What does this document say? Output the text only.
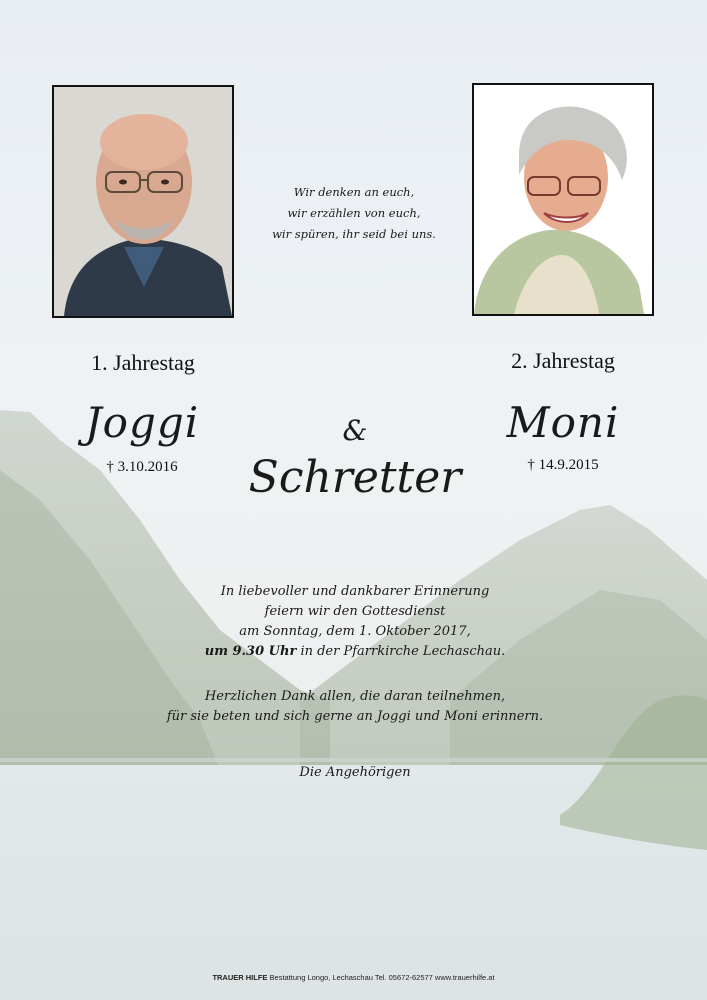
Wir denken an euch,
wir erzählen von euch,
wir spüren, ihr seid bei uns.
1. Jahrestag	2. Jahrestag
Joggi	Moni
&
Schretter
† 3.10.2016	† 14.9.2015
In liebevoller und dankbarer Erinnerung
feiern wir den Gottesdienst
am Sonntag, dem 1. Oktober 2017,
um 9.30 Uhr in der Pfarrkirche Lechaschau.
Herzlichen Dank allen, die daran teilnehmen,
für sie beten und sich gerne an Joggi und Moni erinnern.
Die Angehörigen
TRAUER HILFE Bestattung Longo, Lechaschau Tel. 05672-62577 www.trauerhilfe.at
